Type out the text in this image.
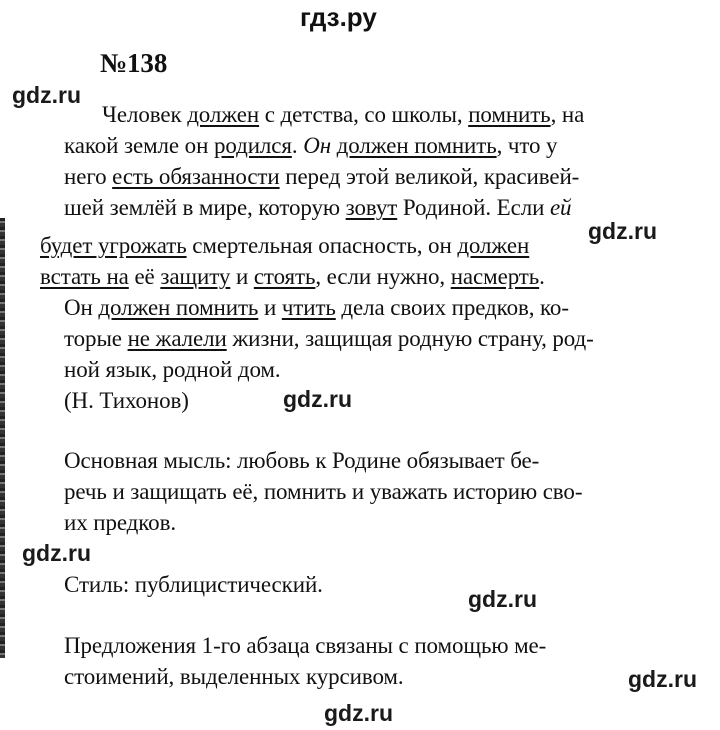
гдз.ру
№138
gdz.ru
gdz.ru
gdz.ru
gdz.ru
gdz.ru
gdz.ru
gdz.ru
Человек должен с детства, со школы, помнить, на
какой земле он родился. Он должен помнить, что у
него есть обязанности перед этой великой, красивей-
шей землёй в мире, которую зовут Родиной. Если ей
будет угрожать смертельная опасность, он должен
встать на её защиту и стоять, если нужно, насмерть.
Он должен помнить и чтить дела своих предков, ко-
торые не жалели жизни, защищая родную страну, род-
ной язык, родной дом.
(Н. Тихонов)
Основная мысль: любовь к Родине обязывает бе-
речь и защищать её, помнить и уважать историю сво-
их предков.
Стиль: публицистический.
Предложения 1-го абзаца связаны с помощью ме-
стоимений, выделенных курсивом.
